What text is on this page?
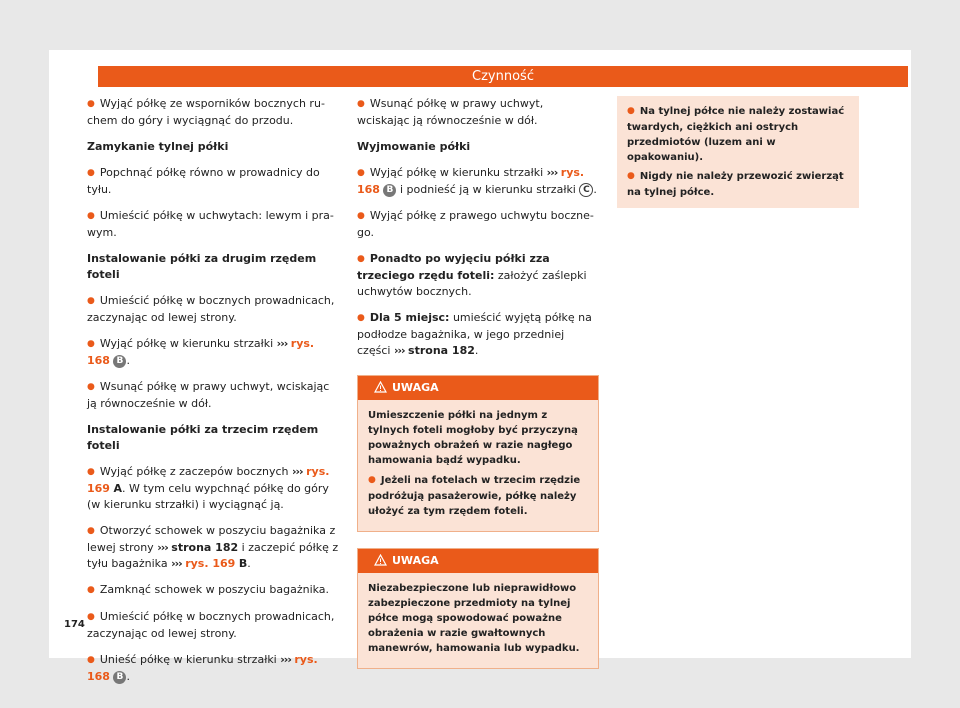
Czynność

● Wyjąć półkę ze wsporników bocznych ruchem do góry i wyciągnąć do przodu.

Zamykanie tylnej półki

● Popchnąć półkę równo w prowadnicy do tyłu.

● Umieścić półkę w uchwytach: lewym i prawym.

Instalowanie półki za drugim rzędem foteli

● Umieścić półkę w bocznych prowadnicach, zaczynając od lewej strony.

● Wyjąć półkę w kierunku strzałki ››› rys. 168 B .

● Wsunąć półkę w prawy uchwyt, wciskając ją równocześnie w dół.

Instalowanie półki za trzecim rzędem foteli

● Wyjąć półkę z zaczepów bocznych ››› rys. 169 A. W tym celu wypchnąć półkę do góry (w kierunku strzałki) i wyciągnąć ją.

● Otworzyć schowek w poszyciu bagażnika z lewej strony ››› strona 182 i zaczepić półkę z tyłu bagażnika ››› rys. 169 B.

● Zamknąć schowek w poszyciu bagażnika.

● Umieścić półkę w bocznych prowadnicach, zaczynając od lewej strony.

● Unieść półkę w kierunku strzałki ››› rys. 168 B .

● Wsunąć półkę w prawy uchwyt, wciskając ją równocześnie w dół.

Wyjmowanie półki

● Wyjąć półkę w kierunku strzałki ››› rys. 168 B i podnieść ją w kierunku strzałki C .

● Wyjąć półkę z prawego uchwytu bocznego.

● Ponadto po wyjęciu półki zza trzeciego rzędu foteli: założyć zaślepki uchwytów bocznych.

● Dla 5 miejsc: umieścić wyjętą półkę na podłodze bagażnika, w jego przedniej części ››› strona 182.

UWAGA

Umieszczenie półki na jednym z tylnych foteli mogłoby być przyczyną poważnych obrażeń w razie nagłego hamowania bądź wypadku.

● Jeżeli na fotelach w trzecim rzędzie podróżują pasażerowie, półkę należy ułożyć za tym rzędem foteli.

UWAGA

Niezabezpieczone lub nieprawidłowo zabezpieczone przedmioty na tylnej półce mogą spowodować poważne obrażenia w razie gwałtownych manewrów, hamowania lub wypadku.

● Na tylnej półce nie należy zostawiać twardych, ciężkich ani ostrych przedmiotów (luzem ani w opakowaniu).

● Nigdy nie należy przewozić zwierząt na tylnej półce.

174
